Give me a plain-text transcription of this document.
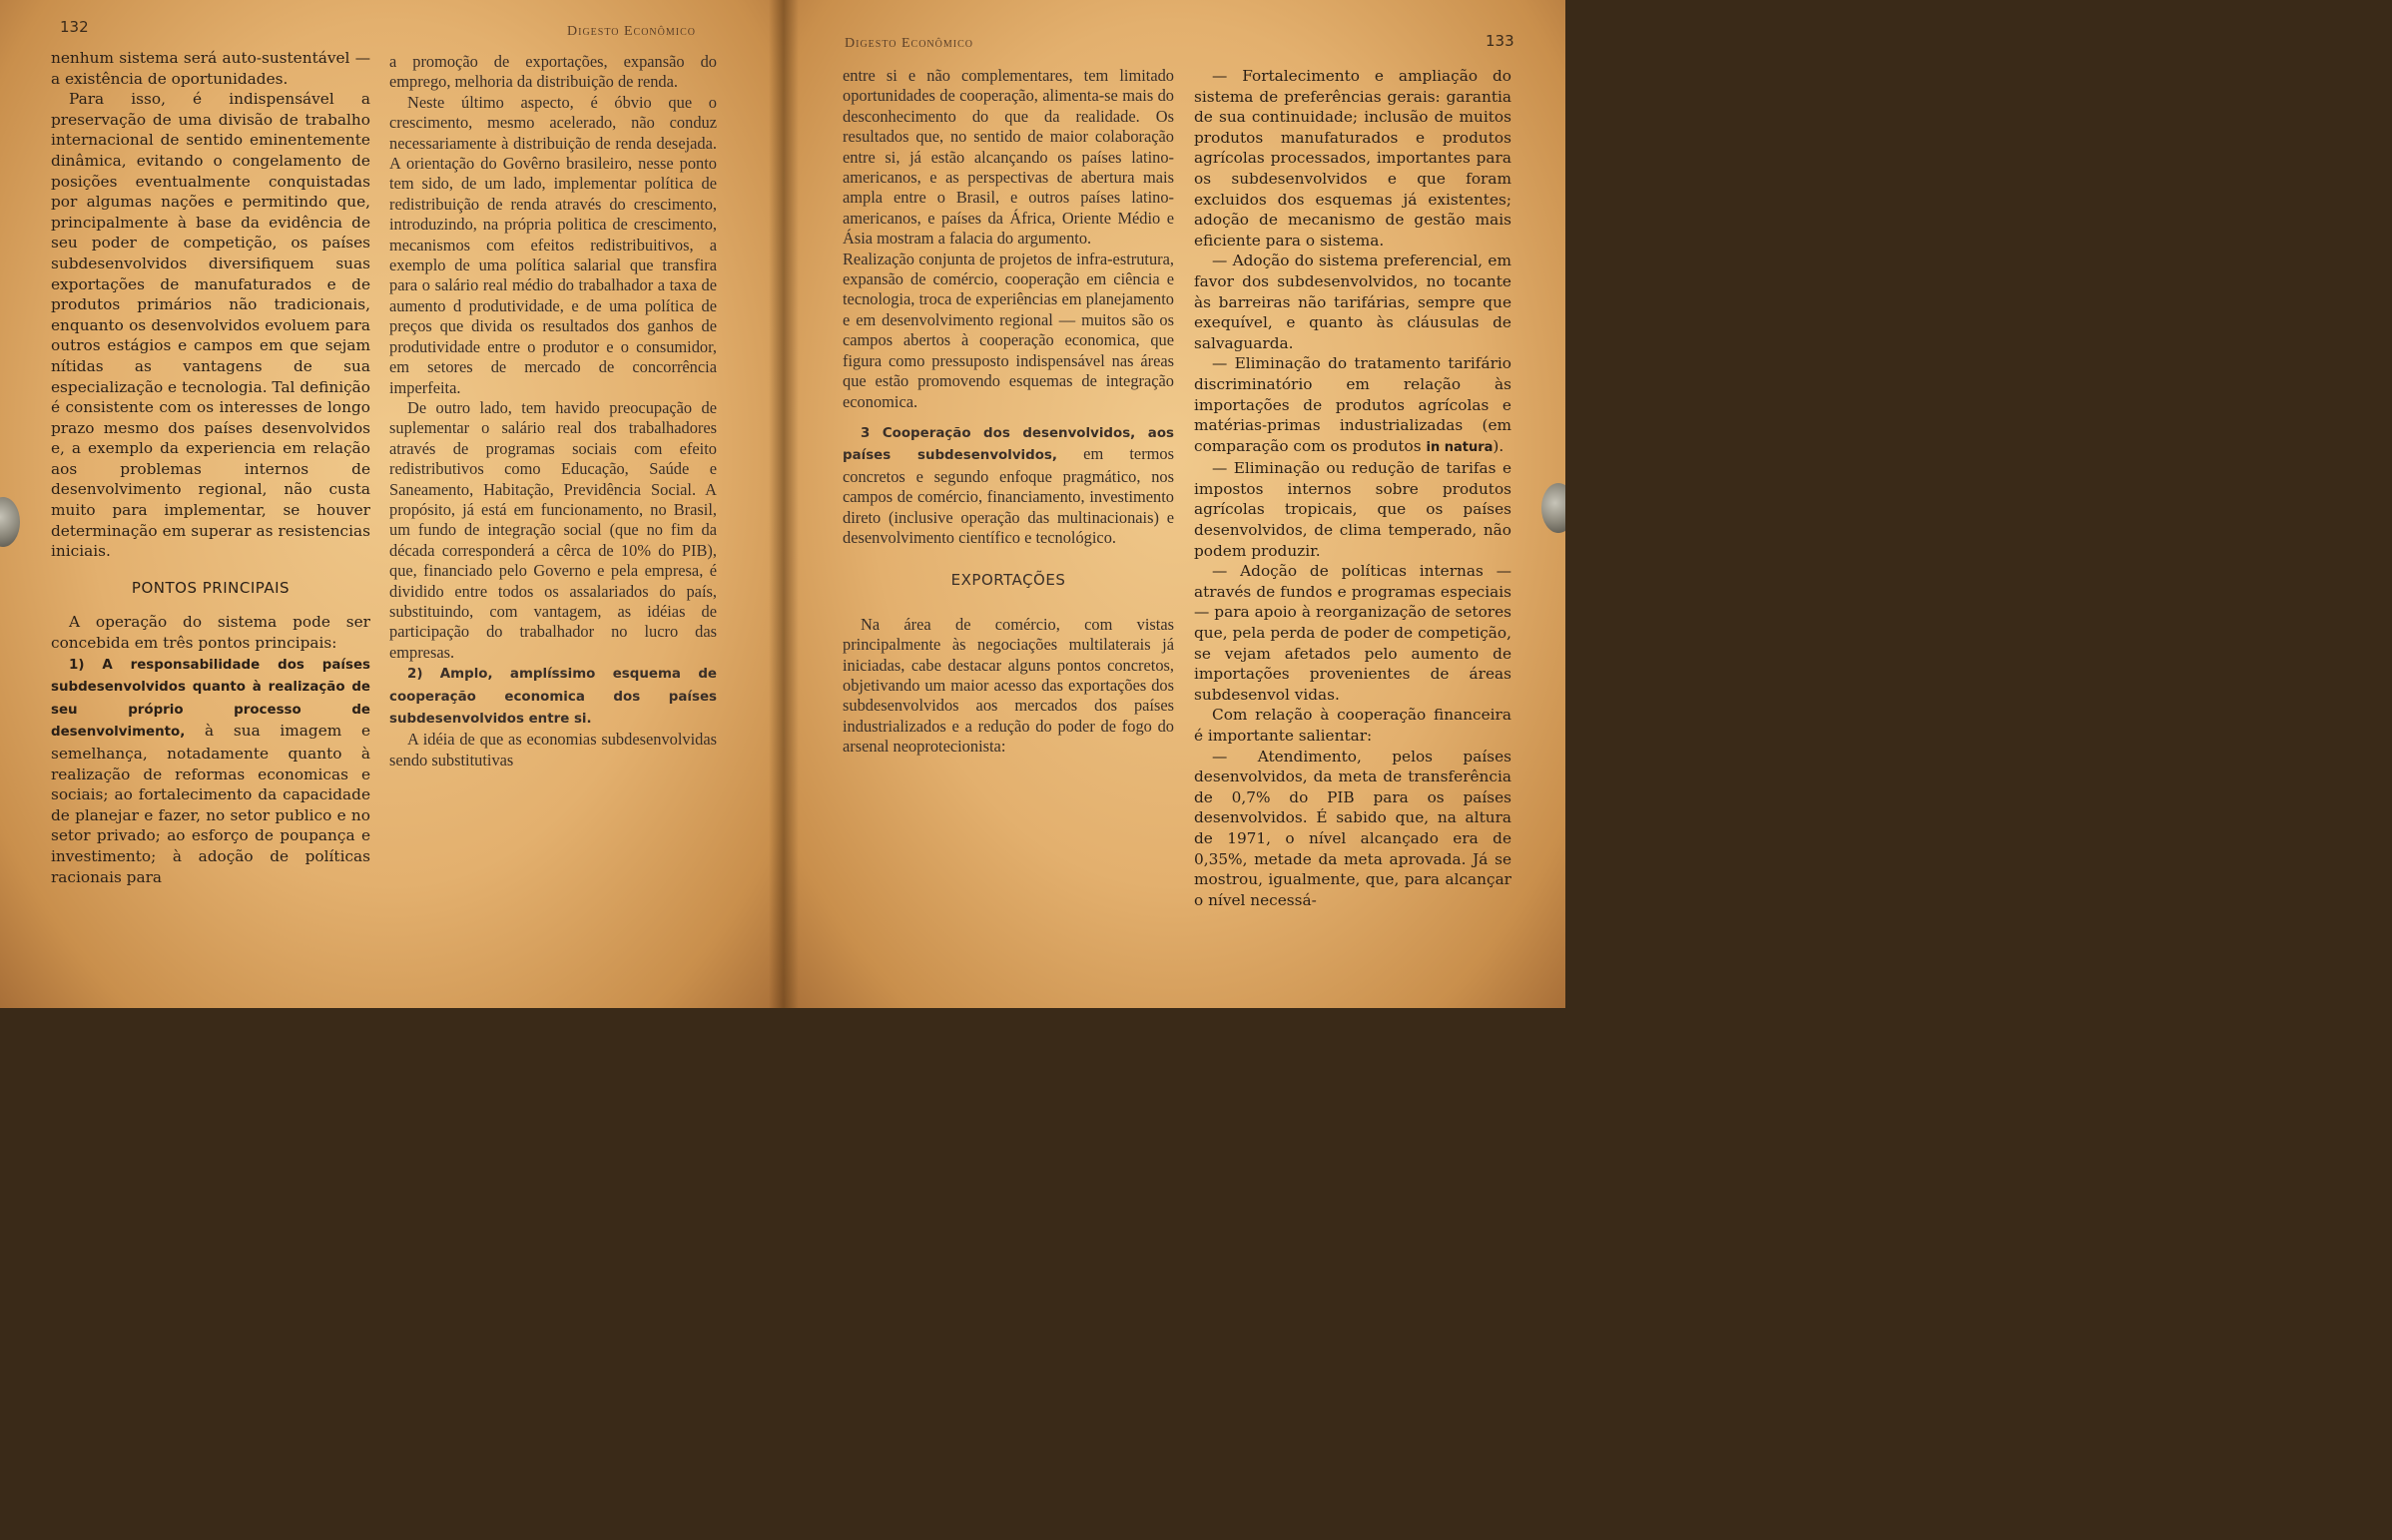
132	Digesto Econômico

nenhum sistema será auto-sustentável — a existência de oportunidades.

Para isso, é indispensável a preservação de uma divisão de trabalho internacional de sentido eminentemente dinâmica, evitando o congelamento de posições eventualmente conquistadas por algumas nações e permitindo que, principalmente à base da evidência de seu poder de competição, os países subdesenvolvidos diversifiquem suas exportações de manufaturados e de produtos primários não tradicionais, enquanto os desenvolvidos evoluem para outros estágios e campos em que sejam nítidas as vantagens de sua especialização e tecnologia. Tal definição é consistente com os interesses de longo prazo mesmo dos países desenvolvidos e, a exemplo da experiencia em relação aos problemas internos de desenvolvimento regional, não custa muito para implementar, se houver determinação em superar as resistencias iniciais.

PONTOS PRINCIPAIS

A operação do sistema pode ser concebida em três pontos principais:

1) A responsabilidade dos países subdesenvolvidos quanto à realização de seu próprio processo de desenvolvimento, à sua imagem e semelhança, notadamente quanto à realização de reformas economicas e sociais; ao fortalecimento da capacidade de planejar e fazer, no setor publico e no setor privado; ao esforço de poupança e investimento; à adoção de políticas racionais para

a promoção de exportações, expansão do emprego, melhoria da distribuição de renda.

Neste último aspecto, é óbvio que o crescimento, mesmo acelerado, não conduz necessariamente à distribuição de renda desejada. A orientação do Govêrno brasileiro, nesse ponto tem sido, de um lado, implementar política de redistribuição de renda através do crescimento, introduzindo, na própria politica de crescimento, mecanismos com efeitos redistribuitivos, a exemplo de uma política salarial que transfira para o salário real médio do trabalhador a taxa de aumento d produtividade, e de uma política de preços que divida os resultados dos ganhos de produtividade entre o produtor e o consumidor, em setores de mercado de concorrência imperfeita.

De outro lado, tem havido preocupação de suplementar o salário real dos trabalhadores através de programas sociais com efeito redistributivos como Educação, Saúde e Saneamento, Habitação, Previdência Social. A propósito, já está em funcionamento, no Brasil, um fundo de integração social (que no fim da década corresponderá a cêrca de 10% do PIB), que, financiado pelo Governo e pela empresa, é dividido entre todos os assalariados do país, substituindo, com vantagem, as idéias de participação do trabalhador no lucro das empresas.

2) Amplo, amplíssimo esquema de cooperação economica dos países subdesenvolvidos entre si.

A idéia de que as economias subdesenvolvidas sendo substitutivas

Digesto Econômico	133

entre si e não complementares, tem limitado oportunidades de cooperação, alimenta-se mais do desconhecimento do que da realidade. Os resultados que, no sentido de maior colaboração entre si, já estão alcançando os países latino-americanos, e as perspectivas de abertura mais ampla entre o Brasil, e outros países latino-americanos, e países da África, Oriente Médio e Ásia mostram a falacia do argumento.

Realização conjunta de projetos de infra-estrutura, expansão de comércio, cooperação em ciência e tecnologia, troca de experiências em planejamento e em desenvolvimento regional — muitos são os campos abertos à cooperação economica, que figura como pressuposto indispensável nas áreas que estão promovendo esquemas de integração economica.

3 Cooperação dos desenvolvidos, aos países subdesenvolvidos, em termos concretos e segundo enfoque pragmático, nos campos de comércio, financiamento, investimento direto (inclusive operação das multinacionais) e desenvolvimento científico e tecnológico.

EXPORTAÇÕES

Na área de comércio, com vistas principalmente às negociações multilaterais já iniciadas, cabe destacar alguns pontos concretos, objetivando um maior acesso das exportações dos subdesenvolvidos aos mercados dos países industrializados e a redução do poder de fogo do arsenal neoprotecionista:

— Fortalecimento e ampliação do sistema de preferências gerais: garantia de sua continuidade; inclusão de muitos produtos manufaturados e produtos agrícolas processados, importantes para os subdesenvolvidos e que foram excluidos dos esquemas já existentes; adoção de mecanismo de gestão mais eficiente para o sistema.

— Adoção do sistema preferencial, em favor dos subdesenvolvidos, no tocante às barreiras não tarifárias, sempre que exequível, e quanto às cláusulas de salvaguarda.

— Eliminação do tratamento tarifário discriminatório em relação às importações de produtos agrícolas e matérias-primas industrializadas (em comparação com os produtos in natura).

— Eliminação ou redução de tarifas e impostos internos sobre produtos agrícolas tropicais, que os países desenvolvidos, de clima temperado, não podem produzir.

— Adoção de políticas internas — através de fundos e programas especiais — para apoio à reorganização de setores que, pela perda de poder de competição, se vejam afetados pelo aumento de importações provenientes de áreas subdesenvol vidas.

Com relação à cooperação financeira é importante salientar:

— Atendimento, pelos países desenvolvidos, da meta de transferência de 0,7% do PIB para os países desenvolvidos. É sabido que, na altura de 1971, o nível alcançado era de 0,35%, metade da meta aprovada. Já se mostrou, igualmente, que, para alcançar o nível necessá-
